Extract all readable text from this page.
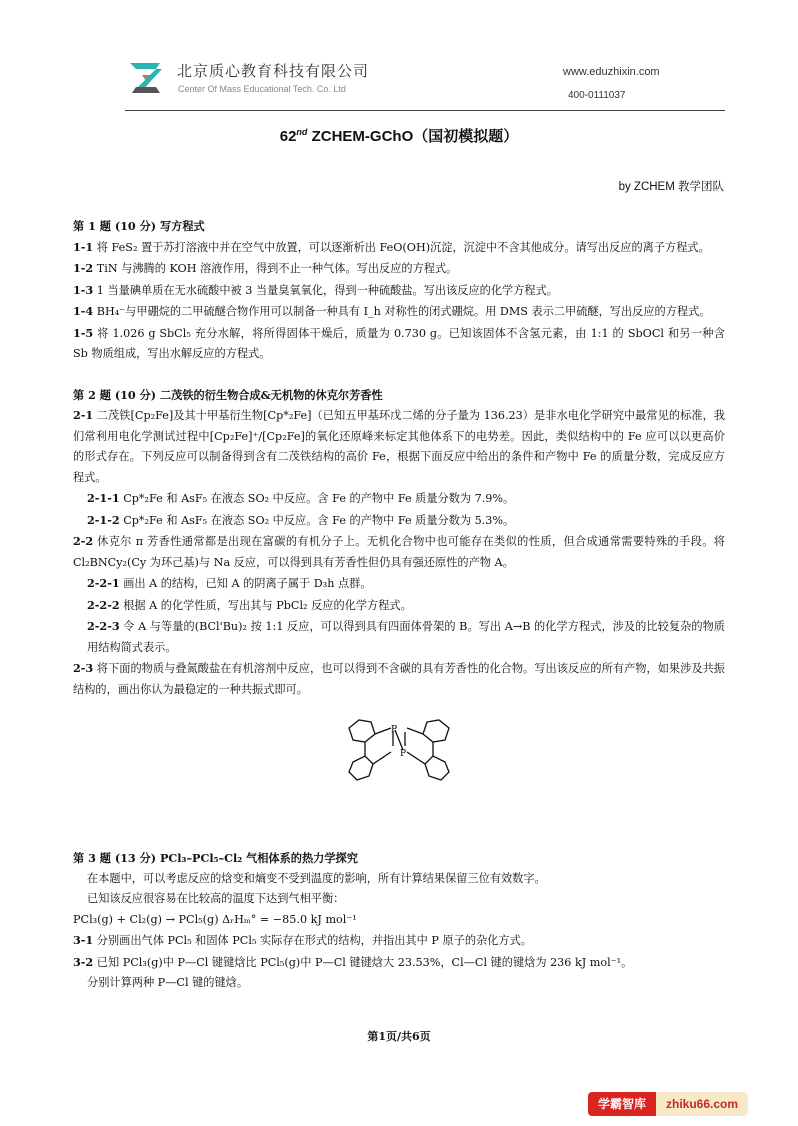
北京质心教育科技有限公司
Center Of Mass Educational Tech. Co. Ltd
www.eduzhixin.com
400-0111037
62nd ZCHEM-GChO（国初模拟题）
by ZCHEM 教学团队

第 1 题 (10 分) 写方程式

1-1 将 FeS₂ 置于苏打溶液中并在空气中放置，可以逐渐析出 FeO(OH)沉淀，沉淀中不含其他成分。请写出反应的离子方程式。

1-2 TiN 与沸腾的 KOH 溶液作用，得到不止一种气体。写出反应的方程式。

1-3 1 当量碘单质在无水硫酸中被 3 当量臭氧氧化，得到一种硫酸盐。写出该反应的化学方程式。

1-4 BH₄⁻与甲硼烷的二甲硫醚合物作用可以制备一种具有 I_h 对称性的闭式硼烷。用 DMS 表示二甲硫醚，写出反应的方程式。

1-5 将 1.026 g SbCl₅ 充分水解，将所得固体干燥后，质量为 0.730 g。已知该固体不含氢元素，由 1:1 的 SbOCl 和另一种含 Sb 物质组成，写出水解反应的方程式。

第 2 题 (10 分) 二茂铁的衍生物合成&无机物的休克尔芳香性

2-1 二茂铁[Cp₂Fe]及其十甲基衍生物[Cp*₂Fe]（已知五甲基环戊二烯的分子量为 136.23）是非水电化学研究中最常见的标准，我们常利用电化学测试过程中[Cp₂Fe]⁺/[Cp₂Fe]的氧化还原峰来标定其他体系下的电势差。因此，类似结构中的 Fe 应可以以更高价的形式存在。下列反应可以制备得到含有二茂铁结构的高价 Fe，根据下面反应中给出的条件和产物中 Fe 的质量分数，完成反应方程式。

2-1-1 Cp*₂Fe 和 AsF₅ 在液态 SO₂ 中反应。含 Fe 的产物中 Fe 质量分数为 7.9%。

2-1-2 Cp*₂Fe 和 AsF₅ 在液态 SO₂ 中反应。含 Fe 的产物中 Fe 质量分数为 5.3%。

2-2 休克尔 π 芳香性通常都是出现在富碳的有机分子上。无机化合物中也可能存在类似的性质，但合成通常需要特殊的手段。将 Cl₂BNCy₂(Cy 为环己基)与 Na 反应，可以得到具有芳香性但仍具有强还原性的产物 A。

2-2-1 画出 A 的结构，已知 A 的阴离子属于 D₃h 点群。

2-2-2 根据 A 的化学性质，写出其与 PbCl₂ 反应的化学方程式。

2-2-3 令 A 与等量的(BCl'Bu)₂ 按 1:1 反应，可以得到具有四面体骨架的 B。写出 A→B 的化学方程式，涉及的比较复杂的物质用结构简式表示。

2-3 将下面的物质与叠氮酸盐在有机溶剂中反应，也可以得到不含碳的具有芳香性的化合物。写出该反应的所有产物，如果涉及共振结构的，画出你认为最稳定的一种共振式即可。

P
P

第 3 题 (13 分) PCl₃–PCl₅–Cl₂ 气相体系的热力学探究

在本题中，可以考虑反应的焓变和熵变不受到温度的影响，所有计算结果保留三位有效数字。

已知该反应很容易在比较高的温度下达到气相平衡：

PCl₃(g) + Cl₂(g) → PCl₅(g) ΔᵣHₘ° = −85.0 kJ mol⁻¹

3-1 分别画出气体 PCl₅ 和固体 PCl₅ 实际存在形式的结构，并指出其中 P 原子的杂化方式。

3-2 已知 PCl₃(g)中 P—Cl 键键焓比 PCl₅(g)中 P—Cl 键键焓大 23.53%，Cl—Cl 键的键焓为 236 kJ mol⁻¹。

分别计算两种 P—Cl 键的键焓。

第1页/共6页
学霸智库	zhiku66.com
